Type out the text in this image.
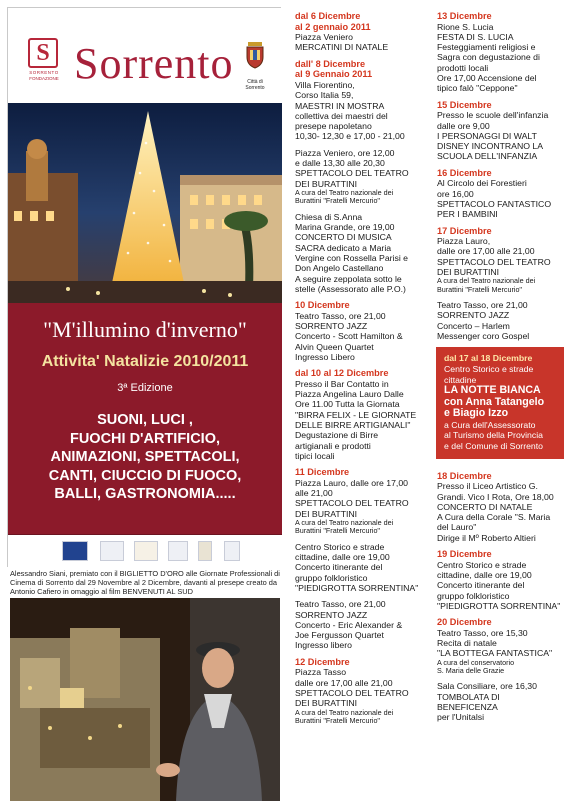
S
SORRENTO
FONDAZIONE Sorrento	Città di
Sorrento
"M'illumino d'inverno"
Attivita' Natalizie 2010/2011
3ª Edizione
SUONI, LUCI ,
FUOCHI D'ARTIFICIO,
ANIMAZIONI, SPETTACOLI,
CANTI, CIUCCIO DI FUOCO,
BALLI, GASTRONOMIA.....
Alessandro Siani, premiato con il BIGLIETTO D'ORO alle Giornate Professionali di Cinema di Sorrento dal 29 Novembre al 2 Dicembre, davanti al presepe creato da Antonio Cafiero in omaggio al film BENVENUTI AL SUD
dal 6 Dicembre
al 2 gennaio 2011
Piazza Veniero
MERCATINI DI NATALE
dall' 8 Dicembre
al 9 Gennaio 2011
Villa Fiorentino,
Corso Italia 59,
MAESTRI IN MOSTRA
collettiva dei maestri del
presepe napoletano
10,30- 12,30 e 17,00 - 21,00
Piazza Veniero, ore 12,00
e dalle 13,30 alle 20,30
SPETTACOLO DEL TEATRO
DEI BURATTINI
A cura del Teatro nazionale dei
Burattini "Fratelli Mercurio"
Chiesa di S.Anna
Marina Grande, ore 19,00
CONCERTO DI MUSICA
SACRA dedicato a Maria
Vergine con Rossella Parisi e
Don Angelo Castellano
A seguire zeppolata sotto le
stelle (Assessorato alle P.O.)
10 Dicembre
Teatro Tasso, ore 21,00
SORRENTO JAZZ
Concerto - Scott Hamilton &
Alvin Queen Quartet
Ingresso Libero
dal 10 al 12 Dicembre
Presso il Bar Contatto in
Piazza Angelina Lauro Dalle
Ore 11.00 Tutta la Giornata
"BIRRA FELIX - LE GIORNATE
DELLE BIRRE ARTIGIANALI"
Degustazione di Birre
artigianali e prodotti
tipici locali
11 Dicembre
Piazza Lauro, dalle ore 17,00
alle 21,00
SPETTACOLO DEL TEATRO
DEI BURATTINI
A cura del Teatro nazionale dei
Burattini "Fratelli Mercurio"
Centro Storico e strade
cittadine, dalle ore 19,00
Concerto itinerante del
gruppo folkloristico
"PIEDIGROTTA SORRENTINA"
Teatro Tasso, ore 21,00
SORRENTO JAZZ
Concerto - Eric Alexander &
Joe Fergusson Quartet
Ingresso libero
12 Dicembre
Piazza Tasso
dalle ore 17,00 alle 21,00
SPETTACOLO DEL TEATRO
DEI BURATTINI
A cura del Teatro nazionale dei
Burattini "Fratelli Mercurio"
13 Dicembre
Rione S. Lucia
FESTA DI S. LUCIA
Festeggiamenti religiosi e
Sagra con degustazione di
prodotti locali
Ore 17,00 Accensione del
tipico falò "Ceppone"
15 Dicembre
Presso le scuole dell'infanzia
dalle ore 9,00
I PERSONAGGI DI WALT
DISNEY INCONTRANO LA
SCUOLA DELL'INFANZIA
16 Dicembre
Al Circolo dei Forestieri
ore 16,00
SPETTACOLO FANTASTICO
PER I BAMBINI
17 Dicembre
Piazza Lauro,
dalle ore 17,00 alle 21,00
SPETTACOLO DEL TEATRO
DEI BURATTINI
A cura del Teatro nazionale dei
Burattini "Fratelli Mercurio"
Teatro Tasso, ore 21,00
SORRENTO JAZZ
Concerto – Harlem
Messenger coro Gospel
dal 17 al 18 Dicembre
Centro Storico e strade
cittadine
LA NOTTE BIANCA
con Anna Tatangelo
e Biagio Izzo
a Cura dell'Assessorato
al Turismo della Provincia
e del Comune di Sorrento
18 Dicembre
Presso il Liceo Artistico G.
Grandi. Vico I Rota, Ore 18,00
CONCERTO DI NATALE
A Cura della Corale "S. Maria
del Lauro"
Dirige il Mº Roberto Altieri
19 Dicembre
Centro Storico e strade
cittadine, dalle ore 19,00
Concerto itinerante del
gruppo folkloristico
"PIEDIGROTTA SORRENTINA"
20 Dicembre
Teatro Tasso, ore 15,30
Recita di natale
"LA BOTTEGA FANTASTICA"
A cura del conservatorio
S. Maria delle Grazie
Sala Consiliare, ore 16,30
TOMBOLATA DI
BENEFICENZA
per l'Unitalsi
